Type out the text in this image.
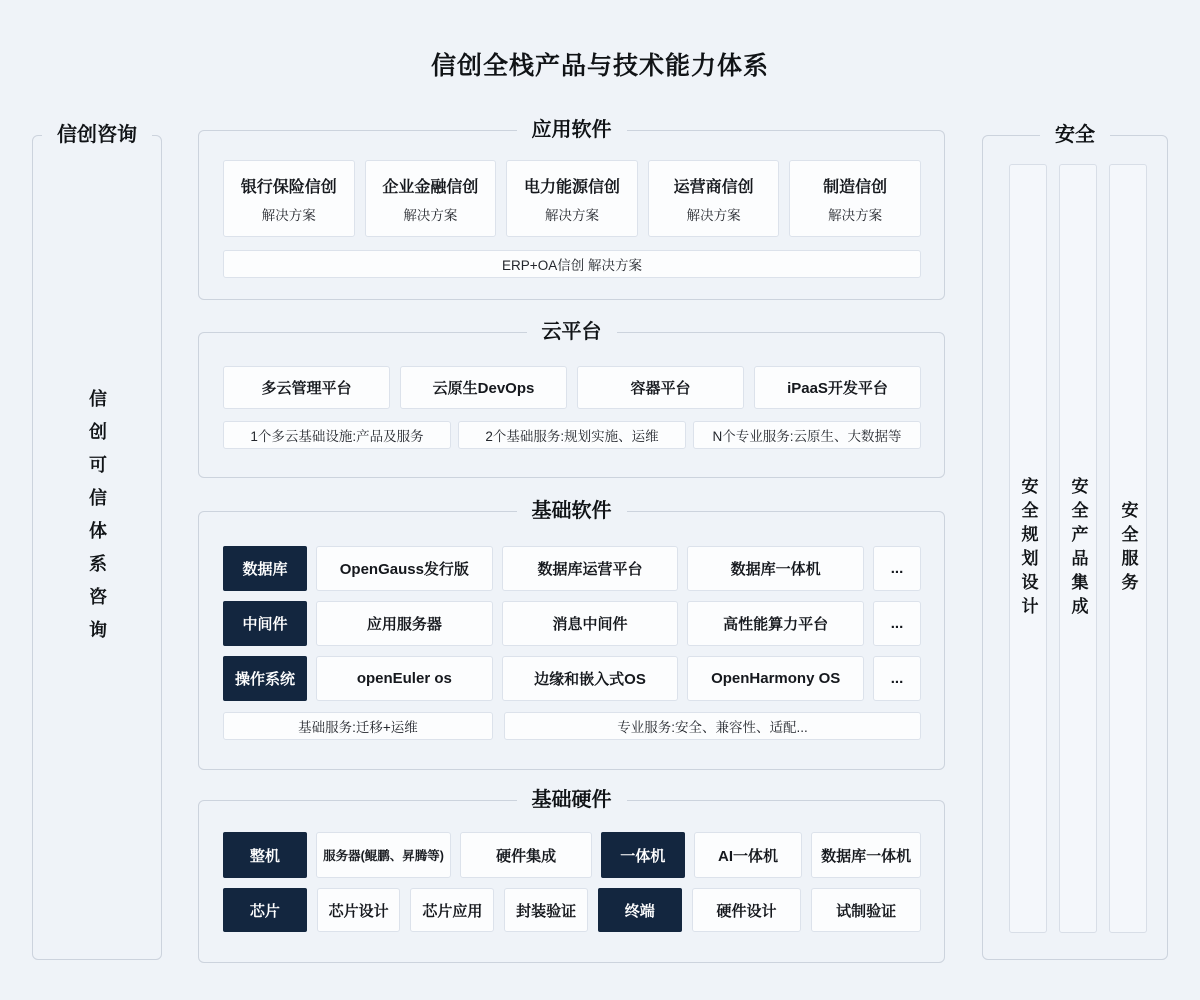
信创全栈产品与技术能力体系
信创咨询
信创可信体系咨询
应用软件
银行保险信创
解决方案
企业金融信创
解决方案
电力能源信创
解决方案
运营商信创
解决方案
制造信创
解决方案
ERP+OA信创 解决方案
云平台
多云管理平台	云原生DevOps	容器平台	iPaaS开发平台
1个多云基础设施:产品及服务	2个基础服务:规划实施、运维	N个专业服务:云原生、大数据等
基础软件
数据库	OpenGauss发行版	数据库运营平台	数据库一体机	...
中间件	应用服务器	消息中间件	高性能算力平台	...
操作系统	openEuler os	边缘和嵌入式OS	OpenHarmony OS	...
基础服务:迁移+运维	专业服务:安全、兼容性、适配...
基础硬件
整机	服务器(鲲鹏、昇腾等)	硬件集成	一体机	AI一体机	数据库一体机
芯片	芯片设计	芯片应用	封装验证	终端	硬件设计	试制验证
安全
安全规划设计 安全产品集成 安全服务
